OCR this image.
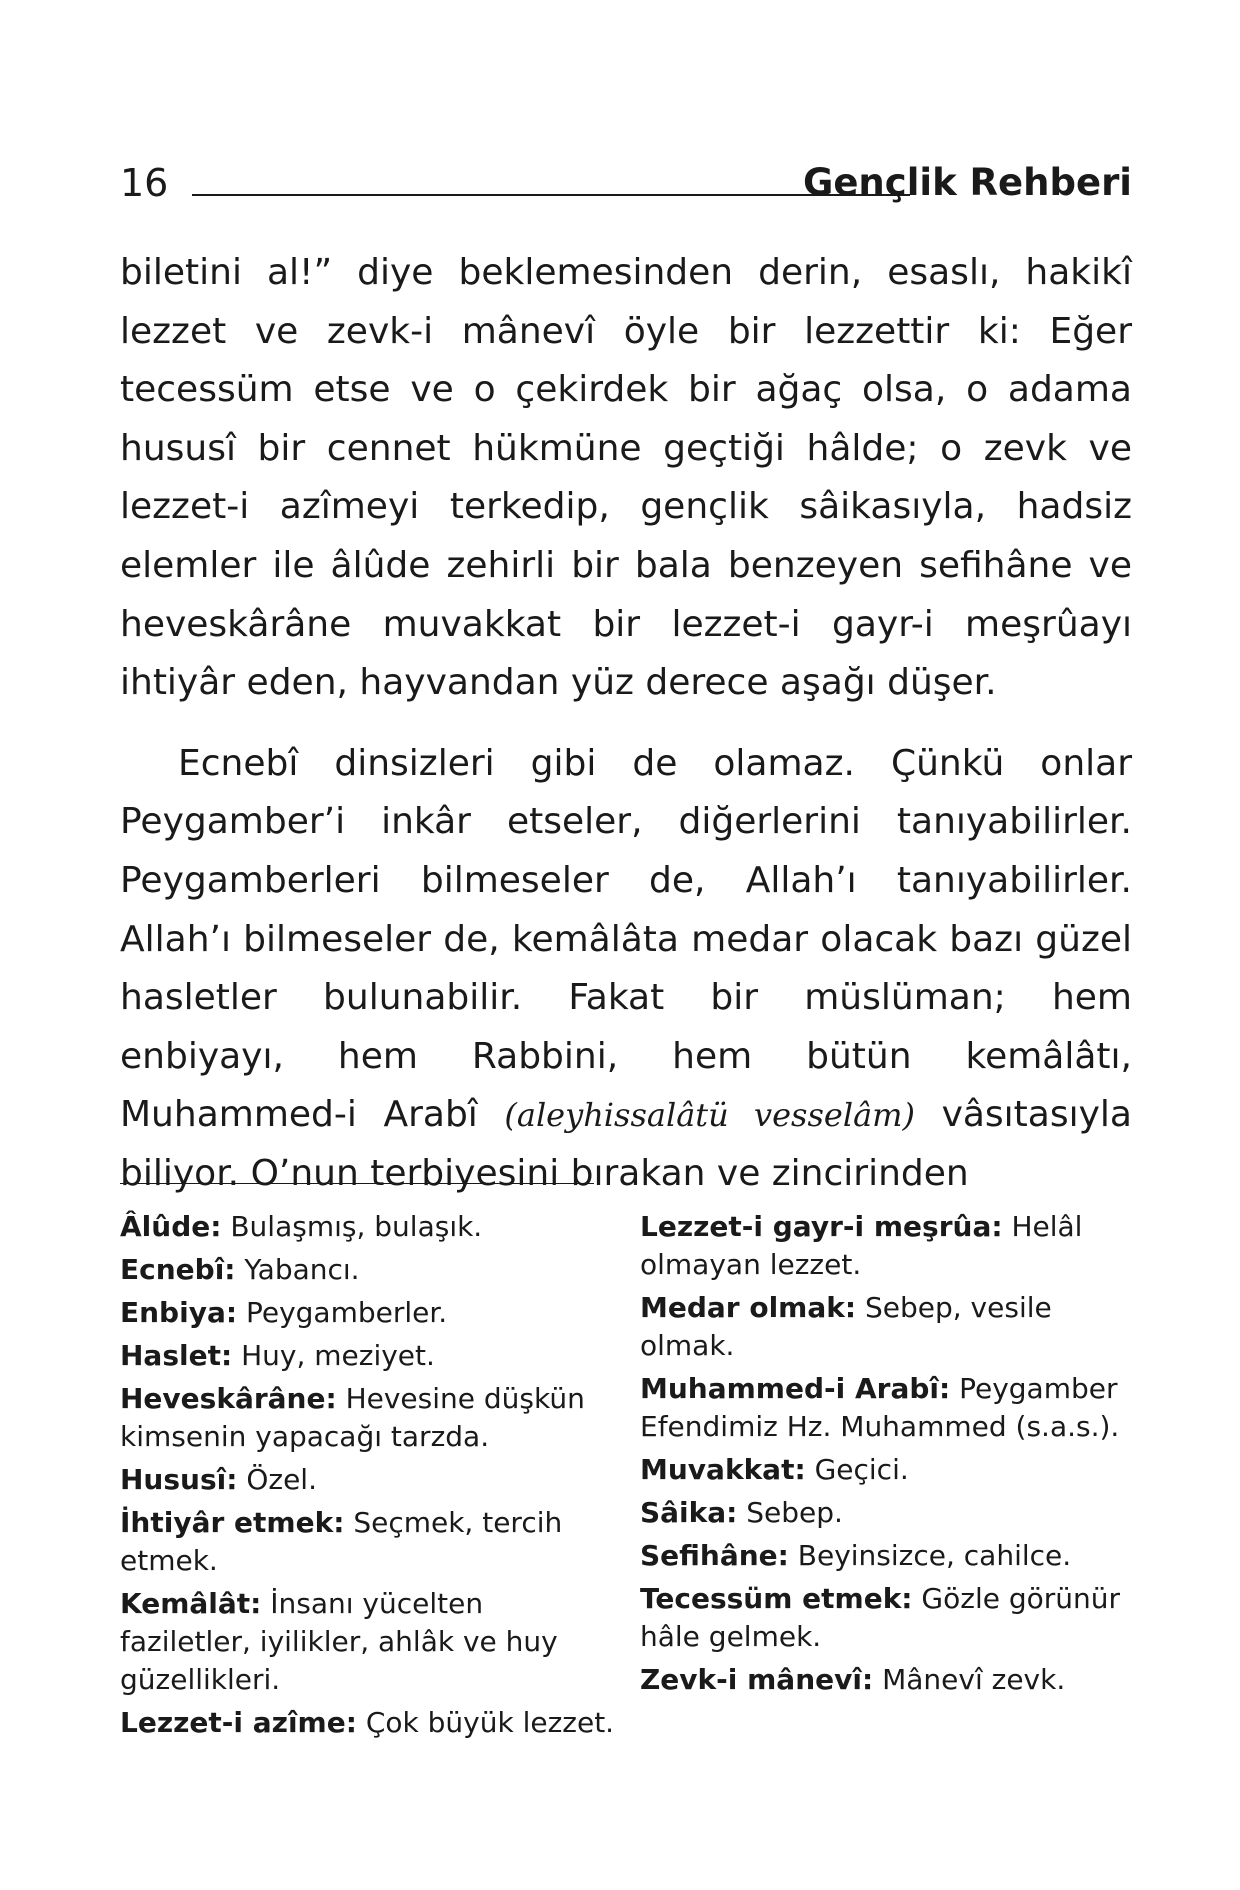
16	Gençlik Rehberi

biletini al!” diye beklemesinden derin, esaslı, hakikî lezzet ve zevk-i mânevî öyle bir lezzettir ki: Eğer tecessüm etse ve o çekirdek bir ağaç olsa, o adama hususî bir cennet hükmüne geçtiği hâlde; o zevk ve lezzet-i azîmeyi terkedip, gençlik sâikasıyla, hadsiz elemler ile âlûde zehirli bir bala benzeyen sefihâne ve heveskârâne muvakkat bir lezzet-i gayr-i meşrûayı ihtiyâr eden, hayvandan yüz derece aşağı düşer.

Ecnebî dinsizleri gibi de olamaz. Çünkü onlar Peygamber’i inkâr etseler, diğerlerini tanıyabilirler. Peygamberleri bilmeseler de, Allah’ı tanıyabilirler. Allah’ı bilmeseler de, kemâlâta medar olacak bazı güzel hasletler bulunabilir. Fakat bir müslüman; hem enbiyayı, hem Rabbini, hem bütün kemâlâtı, Muhammed-i Arabî (aleyhissalâtü vesselâm) vâsıtasıyla biliyor. O’nun terbiyesini bırakan ve zincirinden

Âlûde: Bulaşmış, bulaşık.
Ecnebî: Yabancı.
Enbiya: Peygamberler.
Haslet: Huy, meziyet.
Heveskârâne: Hevesine düşkün kimsenin yapacağı tarzda.
Hususî: Özel.
İhtiyâr etmek: Seçmek, tercih etmek.
Kemâlât: İnsanı yücelten faziletler, iyilikler, ahlâk ve huy güzellikleri.
Lezzet-i azîme: Çok büyük lezzet.
Lezzet-i gayr-i meşrûa: Helâl olmayan lezzet.
Medar olmak: Sebep, vesile olmak.
Muhammed-i Arabî: Peygamber Efendimiz Hz. Muhammed (s.a.s.).
Muvakkat: Geçici.
Sâika: Sebep.
Sefihâne: Beyinsizce, cahilce.
Tecessüm etmek: Gözle görünür hâle gelmek.
Zevk-i mânevî: Mânevî zevk.
